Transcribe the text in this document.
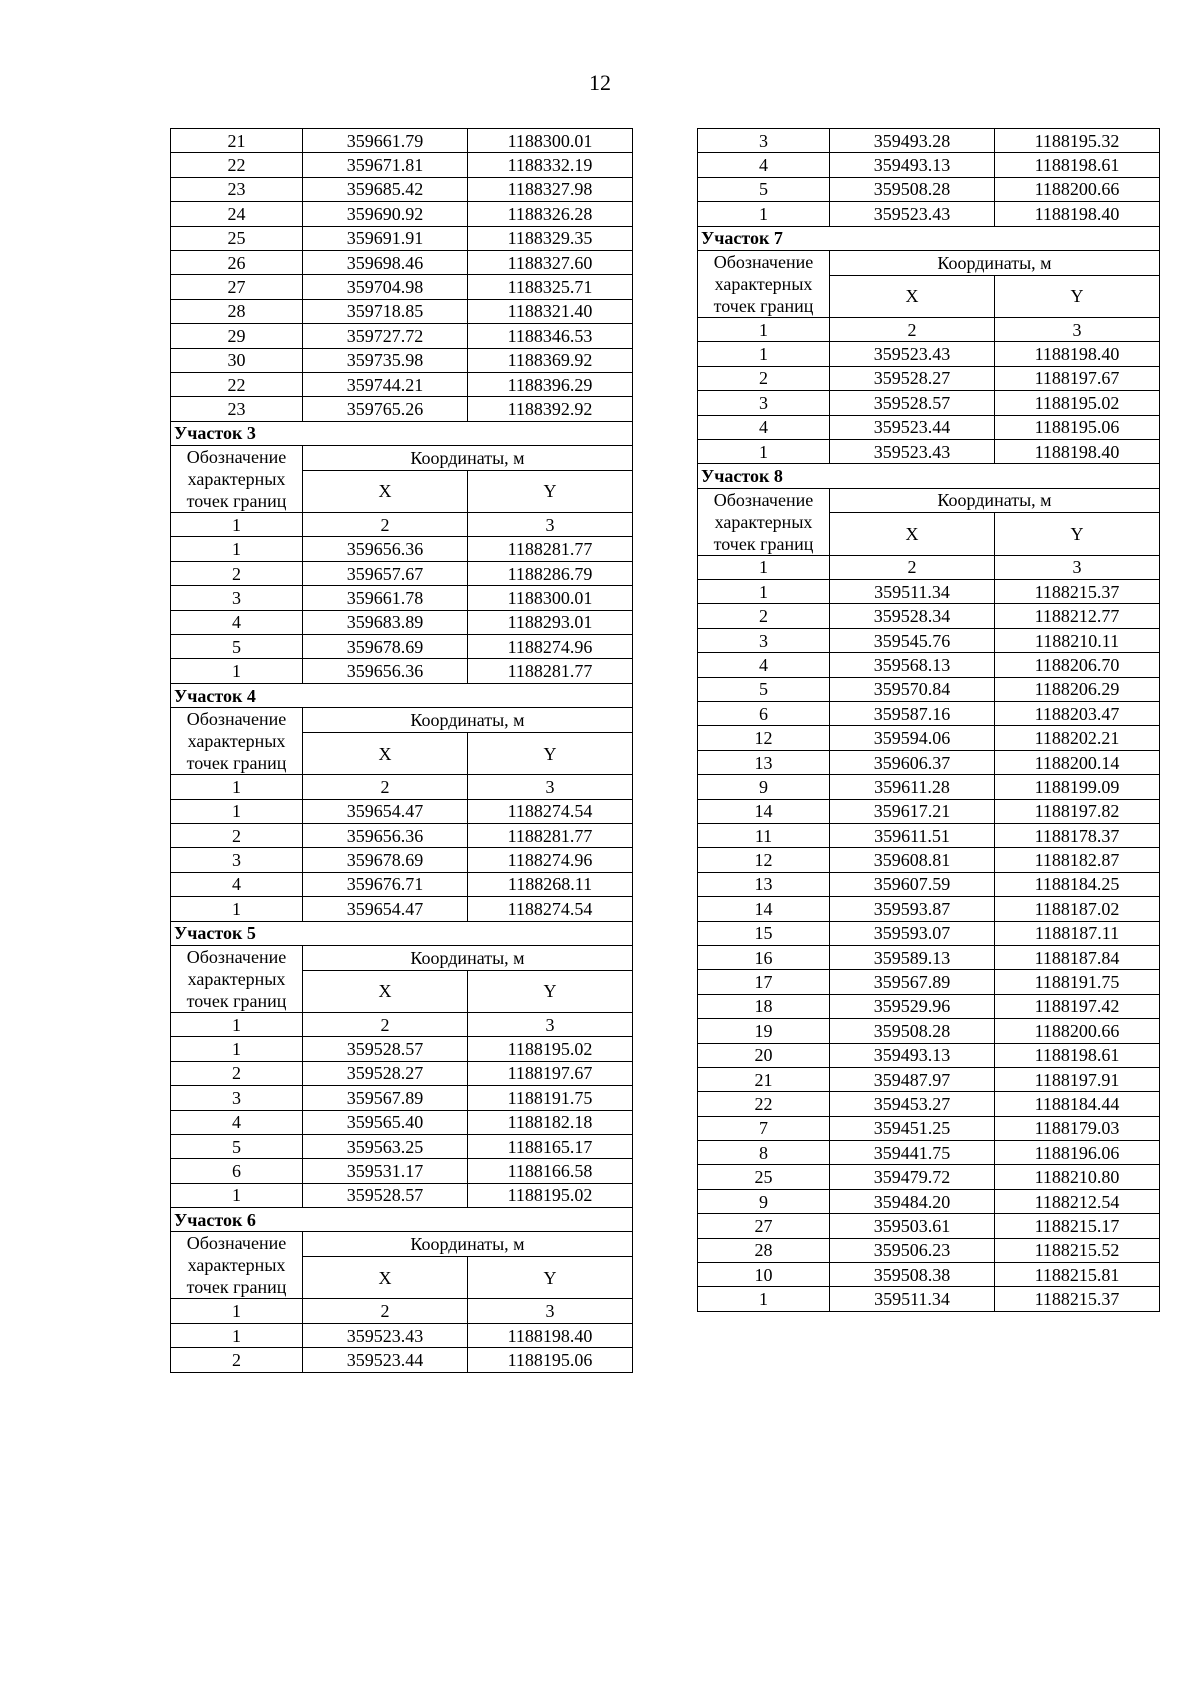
12
21	359661.79	1188300.01
22	359671.81	1188332.19
23	359685.42	1188327.98
24	359690.92	1188326.28
25	359691.91	1188329.35
26	359698.46	1188327.60
27	359704.98	1188325.71
28	359718.85	1188321.40
29	359727.72	1188346.53
30	359735.98	1188369.92
22	359744.21	1188396.29
23	359765.26	1188392.92
Участок 3		

Обозначение
характерных
точек границ	Координаты, м	
	X	Y
1	2	3
1	359656.36	1188281.77
2	359657.67	1188286.79
3	359661.78	1188300.01
4	359683.89	1188293.01
5	359678.69	1188274.96
1	359656.36	1188281.77
Участок 4		

Обозначение
характерных
точек границ	Координаты, м	
	X	Y
1	2	3
1	359654.47	1188274.54
2	359656.36	1188281.77
3	359678.69	1188274.96
4	359676.71	1188268.11
1	359654.47	1188274.54
Участок 5		

Обозначение
характерных
точек границ	Координаты, м	
	X	Y
1	2	3
1	359528.57	1188195.02
2	359528.27	1188197.67
3	359567.89	1188191.75
4	359565.40	1188182.18
5	359563.25	1188165.17
6	359531.17	1188166.58
1	359528.57	1188195.02
Участок 6		

Обозначение
характерных
точек границ	Координаты, м	
	X	Y
1	2	3
1	359523.43	1188198.40
2	359523.44	1188195.06
3	359493.28	1188195.32
4	359493.13	1188198.61
5	359508.28	1188200.66
1	359523.43	1188198.40
Участок 7		

Обозначение
характерных
точек границ	Координаты, м	
	X	Y
1	2	3
1	359523.43	1188198.40
2	359528.27	1188197.67
3	359528.57	1188195.02
4	359523.44	1188195.06
1	359523.43	1188198.40
Участок 8		

Обозначение
характерных
точек границ	Координаты, м	
	X	Y
1	2	3
1	359511.34	1188215.37
2	359528.34	1188212.77
3	359545.76	1188210.11
4	359568.13	1188206.70
5	359570.84	1188206.29
6	359587.16	1188203.47
12	359594.06	1188202.21
13	359606.37	1188200.14
9	359611.28	1188199.09
14	359617.21	1188197.82
11	359611.51	1188178.37
12	359608.81	1188182.87
13	359607.59	1188184.25
14	359593.87	1188187.02
15	359593.07	1188187.11
16	359589.13	1188187.84
17	359567.89	1188191.75
18	359529.96	1188197.42
19	359508.28	1188200.66
20	359493.13	1188198.61
21	359487.97	1188197.91
22	359453.27	1188184.44
7	359451.25	1188179.03
8	359441.75	1188196.06
25	359479.72	1188210.80
9	359484.20	1188212.54
27	359503.61	1188215.17
28	359506.23	1188215.52
10	359508.38	1188215.81
1	359511.34	1188215.37
